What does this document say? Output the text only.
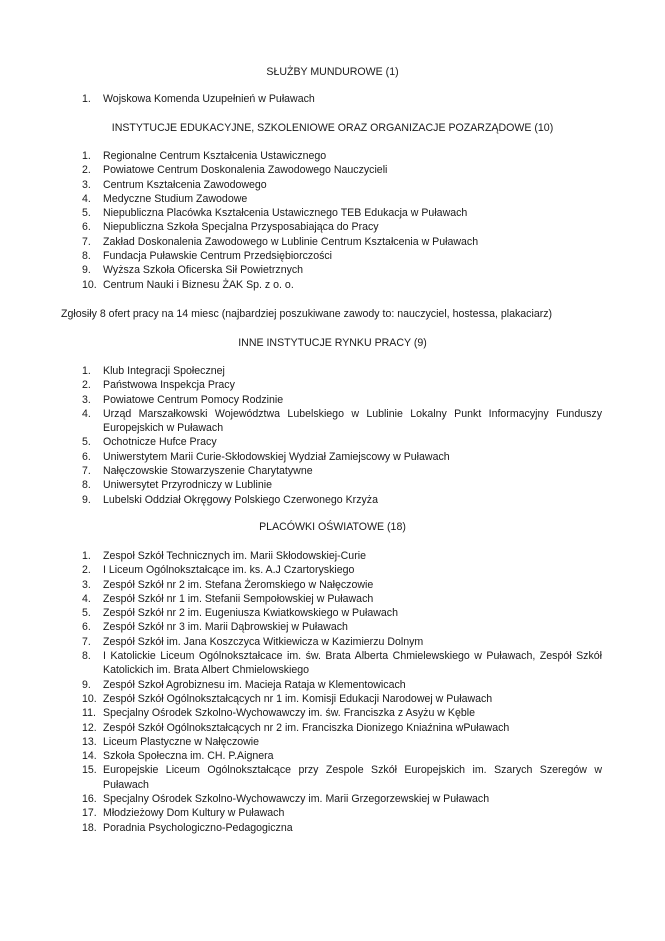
SŁUŻBY MUNDUROWE (1)
1. Wojskowa Komenda Uzupełnień w Puławach
INSTYTUCJE EDUKACYJNE, SZKOLENIOWE ORAZ ORGANIZACJE POZARZĄDOWE (10)
1. Regionalne Centrum Kształcenia Ustawicznego
2. Powiatowe Centrum Doskonalenia Zawodowego Nauczycieli
3. Centrum Kształcenia Zawodowego
4. Medyczne Studium Zawodowe
5. Niepubliczna Placówka Kształcenia Ustawicznego TEB Edukacja w Puławach
6. Niepubliczna Szkoła Specjalna Przysposabiająca do Pracy
7. Zakład Doskonalenia Zawodowego w Lublinie Centrum Kształcenia w Puławach
8. Fundacja Puławskie Centrum Przedsiębiorczości
9. Wyższa Szkoła Oficerska Sił Powietrznych
10. Centrum Nauki i Biznesu ŻAK Sp. z o. o.
Zgłosiły 8 ofert pracy na 14 miesc (najbardziej poszukiwane zawody to: nauczyciel, hostessa, plakaciarz)
INNE INSTYTUCJE RYNKU PRACY (9)
1. Klub Integracji Społecznej
2. Państwowa Inspekcja Pracy
3. Powiatowe Centrum Pomocy Rodzinie
4. Urząd Marszałkowski Województwa Lubelskiego w Lublinie Lokalny Punkt Informacyjny Funduszy Europejskich w Puławach
5. Ochotnicze Hufce Pracy
6. Uniwerstytem Marii Curie-Skłodowskiej Wydział Zamiejscowy w Puławach
7. Nałęczowskie Stowarzyszenie Charytatywne
8. Uniwersytet Przyrodniczy w Lublinie
9. Lubelski Oddział Okręgowy Polskiego Czerwonego Krzyża
PLACÓWKI OŚWIATOWE (18)
1. Zespoł Szkół Technicznych im. Marii Skłodowskiej-Curie
2. I Liceum Ogólnokształcące im. ks. A.J Czartoryskiego
3. Zespół Szkół nr 2 im. Stefana Żeromskiego w Nałęczowie
4. Zespół Szkół nr 1 im. Stefanii Sempołowskiej w Puławach
5. Zespół Szkół nr 2 im. Eugeniusza Kwiatkowskiego w Puławach
6. Zespół Szkół nr 3 im. Marii Dąbrowskiej w Puławach
7. Zespół Szkół im. Jana Koszczyca Witkiewicza w Kazimierzu Dolnym
8. I Katolickie Liceum Ogólnokształcace im. św. Brata Alberta Chmielewskiego w Puławach, Zespół Szkół Katolickich im. Brata Albert Chmielowskiego
9. Zespół Szkoł Agrobiznesu im. Macieja Rataja w Klementowicach
10. Zespół Szkół Ogólnokształcących nr 1 im. Komisji Edukacji Narodowej w Puławach
11. Specjalny Ośrodek Szkolno-Wychowawczy im. św. Franciszka z Asyżu w Kęble
12. Zespół Szkół Ogólnokształcących nr 2 im. Franciszka Dionizego Kniaźnina wPuławach
13. Liceum Plastyczne w Nałęczowie
14. Szkoła Społeczna im. CH. P.Aignera
15. Europejskie Liceum Ogólnokształcące przy Zespole Szkół Europejskich im. Szarych Szeregów w Puławach
16. Specjalny Ośrodek Szkolno-Wychowawczy im. Marii Grzegorzewskiej w Puławach
17. Młodzieżowy Dom Kultury w Puławach
18. Poradnia Psychologiczno-Pedagogiczna
